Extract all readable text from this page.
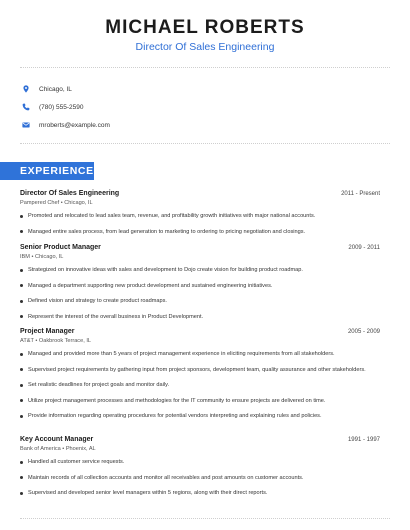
MICHAEL ROBERTS
Director Of Sales Engineering
Chicago, IL
(780) 555-2590
mroberts@example.com
EXPERIENCE
Director Of Sales Engineering	2011 - Present
Pampered Chef • Chicago, IL
Promoted and relocated to lead sales team, revenue, and profitability growth initiatives with major national accounts.
Managed entire sales process, from lead generation to marketing to ordering to pricing negotiation and closings.
Senior Product Manager	2009 - 2011
IBM • Chicago, IL
Strategized on innovative ideas with sales and development to Dojo create vision for building product roadmap.
Managed a department supporting new product development and sustained engineering initiatives.
Defined vision and strategy to create product roadmaps.
Represent the interest of the overall business in Product Development.
Project Manager	2005 - 2009
AT&T • Oakbrook Terrace, IL
Managed and provided more than 5 years of project management experience in eliciting requirements from all stakeholders.
Supervised project requirements by gathering input from project sponsors, development team, quality assurance and other stakeholders.
Set realistic deadlines for project goals and monitor daily.
Utilize project management processes and methodologies for the IT community to ensure projects are delivered on time.
Provide information regarding operating procedures for potential vendors interpreting and explaining rules and policies.
Key Account Manager	1991 - 1997
Bank of America • Phoenix, AL
Handled all customer service requests.
Maintain records of all collection accounts and monitor all receivables and post amounts on customer accounts.
Supervised and developed senior level managers within 5 regions, along with their direct reports.
